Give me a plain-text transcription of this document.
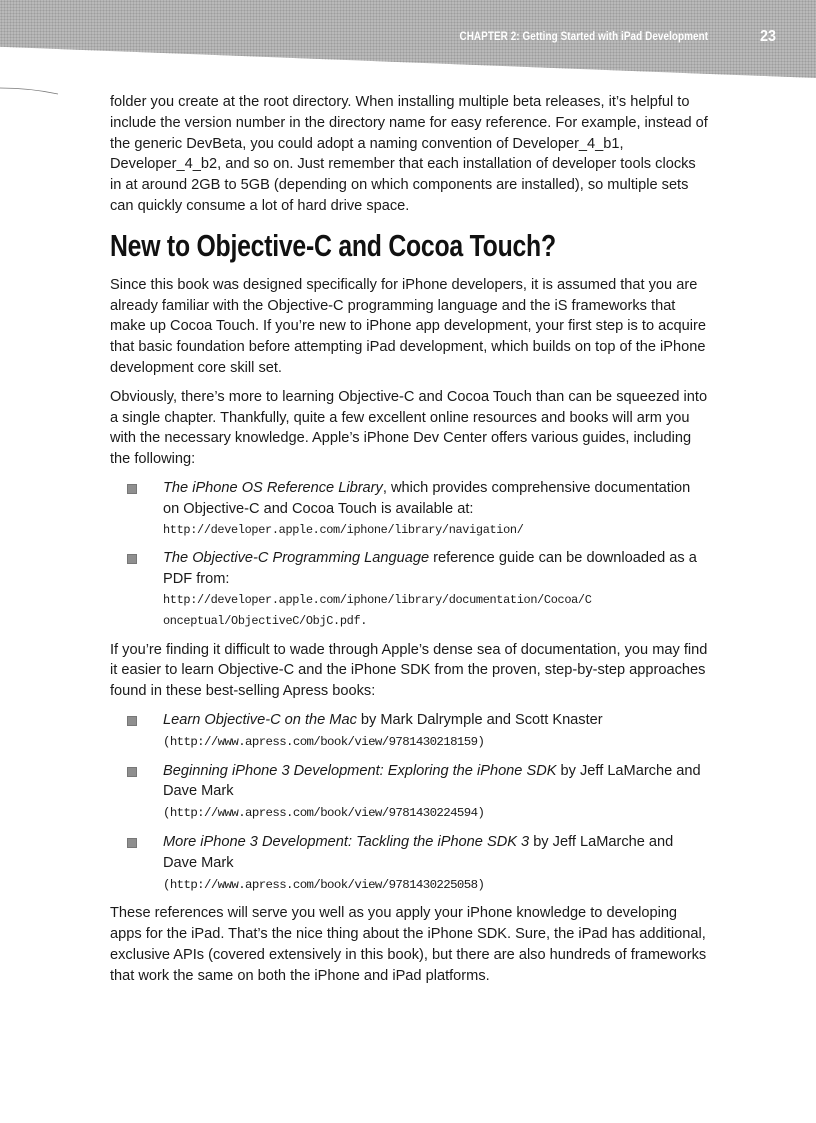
CHAPTER 2: Getting Started with iPad Development	23

folder you create at the root directory. When installing multiple beta releases, it’s helpful to include the version number in the directory name for easy reference. For example, instead of the generic DevBeta, you could adopt a naming convention of Developer_4_b1, Developer_4_b2, and so on. Just remember that each installation of developer tools clocks in at around 2GB to 5GB (depending on which components are installed), so multiple sets can quickly consume a lot of hard drive space.

New to Objective-C and Cocoa Touch?

Since this book was designed specifically for iPhone developers, it is assumed that you are already familiar with the Objective-C programming language and the iS frameworks that make up Cocoa Touch. If you’re new to iPhone app development, your first step is to acquire that basic foundation before attempting iPad development, which builds on top of the iPhone development core skill set.

Obviously, there’s more to learning Objective-C and Cocoa Touch than can be squeezed into a single chapter. Thankfully, quite a few excellent online resources and books will arm you with the necessary knowledge. Apple’s iPhone Dev Center offers various guides, including the following:

The iPhone OS Reference Library, which provides comprehensive documentation on Objective-C and Cocoa Touch is available at:
http://developer.apple.com/iphone/library/navigation/
The Objective-C Programming Language reference guide can be downloaded as a PDF from:
http://developer.apple.com/iphone/library/documentation/Cocoa/C
onceptual/ObjectiveC/ObjC.pdf.

If you’re finding it difficult to wade through Apple’s dense sea of documentation, you may find it easier to learn Objective-C and the iPhone SDK from the proven, step-by-step approaches found in these best-selling Apress books:

Learn Objective-C on the Mac by Mark Dalrymple and Scott Knaster
(http://www.apress.com/book/view/9781430218159)
Beginning iPhone 3 Development: Exploring the iPhone SDK by Jeff LaMarche and Dave Mark
(http://www.apress.com/book/view/9781430224594)
More iPhone 3 Development: Tackling the iPhone SDK 3 by Jeff LaMarche and Dave Mark
(http://www.apress.com/book/view/9781430225058)

These references will serve you well as you apply your iPhone knowledge to developing apps for the iPad. That’s the nice thing about the iPhone SDK. Sure, the iPad has additional, exclusive APIs (covered extensively in this book), but there are also hundreds of frameworks that work the same on both the iPhone and iPad platforms.
